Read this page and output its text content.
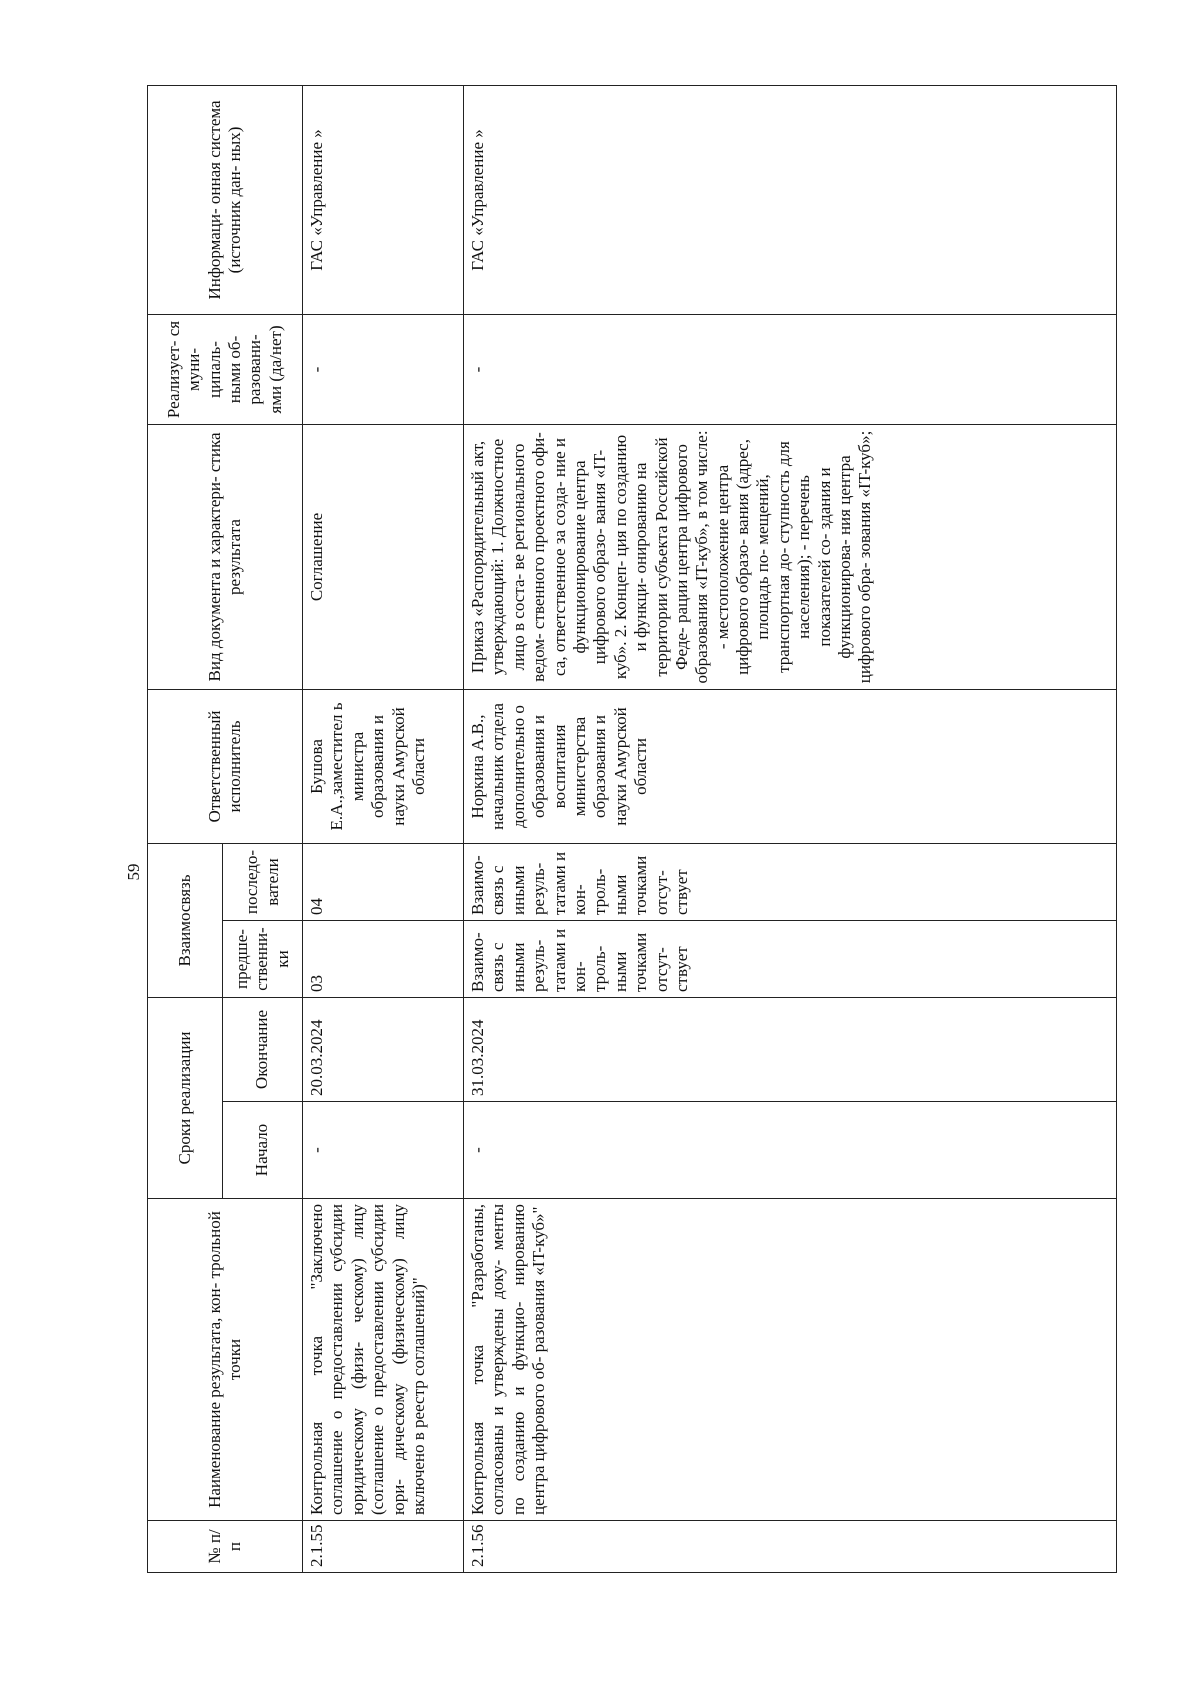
59
№ п/п	Наименование результата, кон- трольной точки	Сроки реализации		Взаимосвязь		Ответственный исполнитель	Вид документа и характери- стика результата	Реализует- ся муни- ципаль- ными об- разовани- ями (да/нет)	Информаци- онная система (источник дан- ных)
		Начало	Окончание	предше- ственни- ки	последо- ватели				
2.1.55	Контрольная точка "Заключено соглашение о предоставлении субсидии юридическому (физи- ческому) лицу (соглашение о предоставлении субсидии юри- дическому (физическому) лицу включено в реестр соглашений)"	-	20.03.2024	03	04	Бушова Е.А.,заместител ь министра образования и науки Амурской области	Соглашение	-	ГАС «Управление »
2.1.56	Контрольная точка "Разработаны, согласованы и утверждены доку- менты по созданию и функцио- нированию центра цифрового об- разования «IT-куб»"	-	31.03.2024	Взаимо- связь с иными резуль- татами и кон- троль- ными точками отсут- ствует	Взаимо- связь с иными резуль- татами и кон- троль- ными точками отсут- ствует	Норкина А.В., начальник отдела дополнительно о образования и воспитания министерства образования и науки Амурской области	Приказ «Распорядительный акт, утверждающий: 1. Должностное лицо в соста- ве регионального ведом- ственного проектного офи- са, ответственное за созда- ние и функционирование центра цифрового образо- вания «IT- куб». 2. Концеп- ция по созданию и функци- онированию на территории субъекта Российской Феде- рации центра цифрового образования «IT-куб», в том числе: - местоположение центра цифрового образо- вания (адрес, площадь по- мещений, транспортная до- ступность для населения); - перечень показателей со- здания и функционирова- ния центра цифрового обра- зования «IT-куб»;	-	ГАС «Управление »
